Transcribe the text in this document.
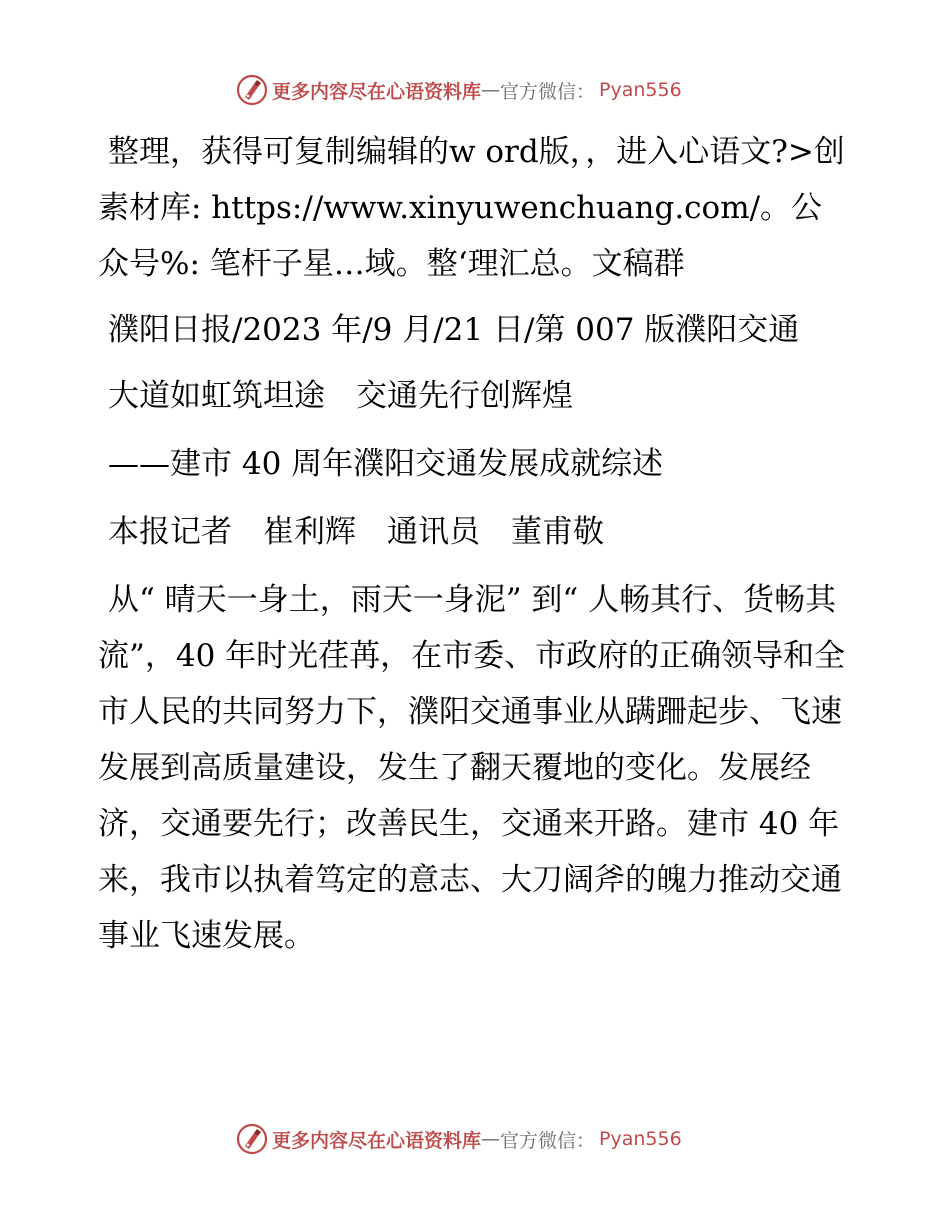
更多内容尽在心语资料库 — 官方微信： Pyan556

整理，获得可复制编辑的w ord版，，进入心语文?>创素材库: https://www.xinyuwenchuang.com/。公众号%: 笔杆子星…域。整‘理汇总。文稿群

濮阳日报/2023 年/9 月/21 日/第 007 版濮阳交通

大道如虹筑坦途　交通先行创辉煌

——建市 40 周年濮阳交通发展成就综述

本报记者　崔利辉　通讯员　董甫敬

从“ 晴天一身土，雨天一身泥” 到“ 人畅其行、货畅其流”，40 年时光荏苒，在市委、市政府的正确领导和全市人民的共同努力下，濮阳交通事业从蹒跚起步、飞速发展到高质量建设，发生了翻天覆地的变化。发展经济，交通要先行；改善民生，交通来开路。建市 40 年来，我市以执着笃定的意志、大刀阔斧的魄力推动交通事业飞速发展。

更多内容尽在心语资料库 — 官方微信： Pyan556
